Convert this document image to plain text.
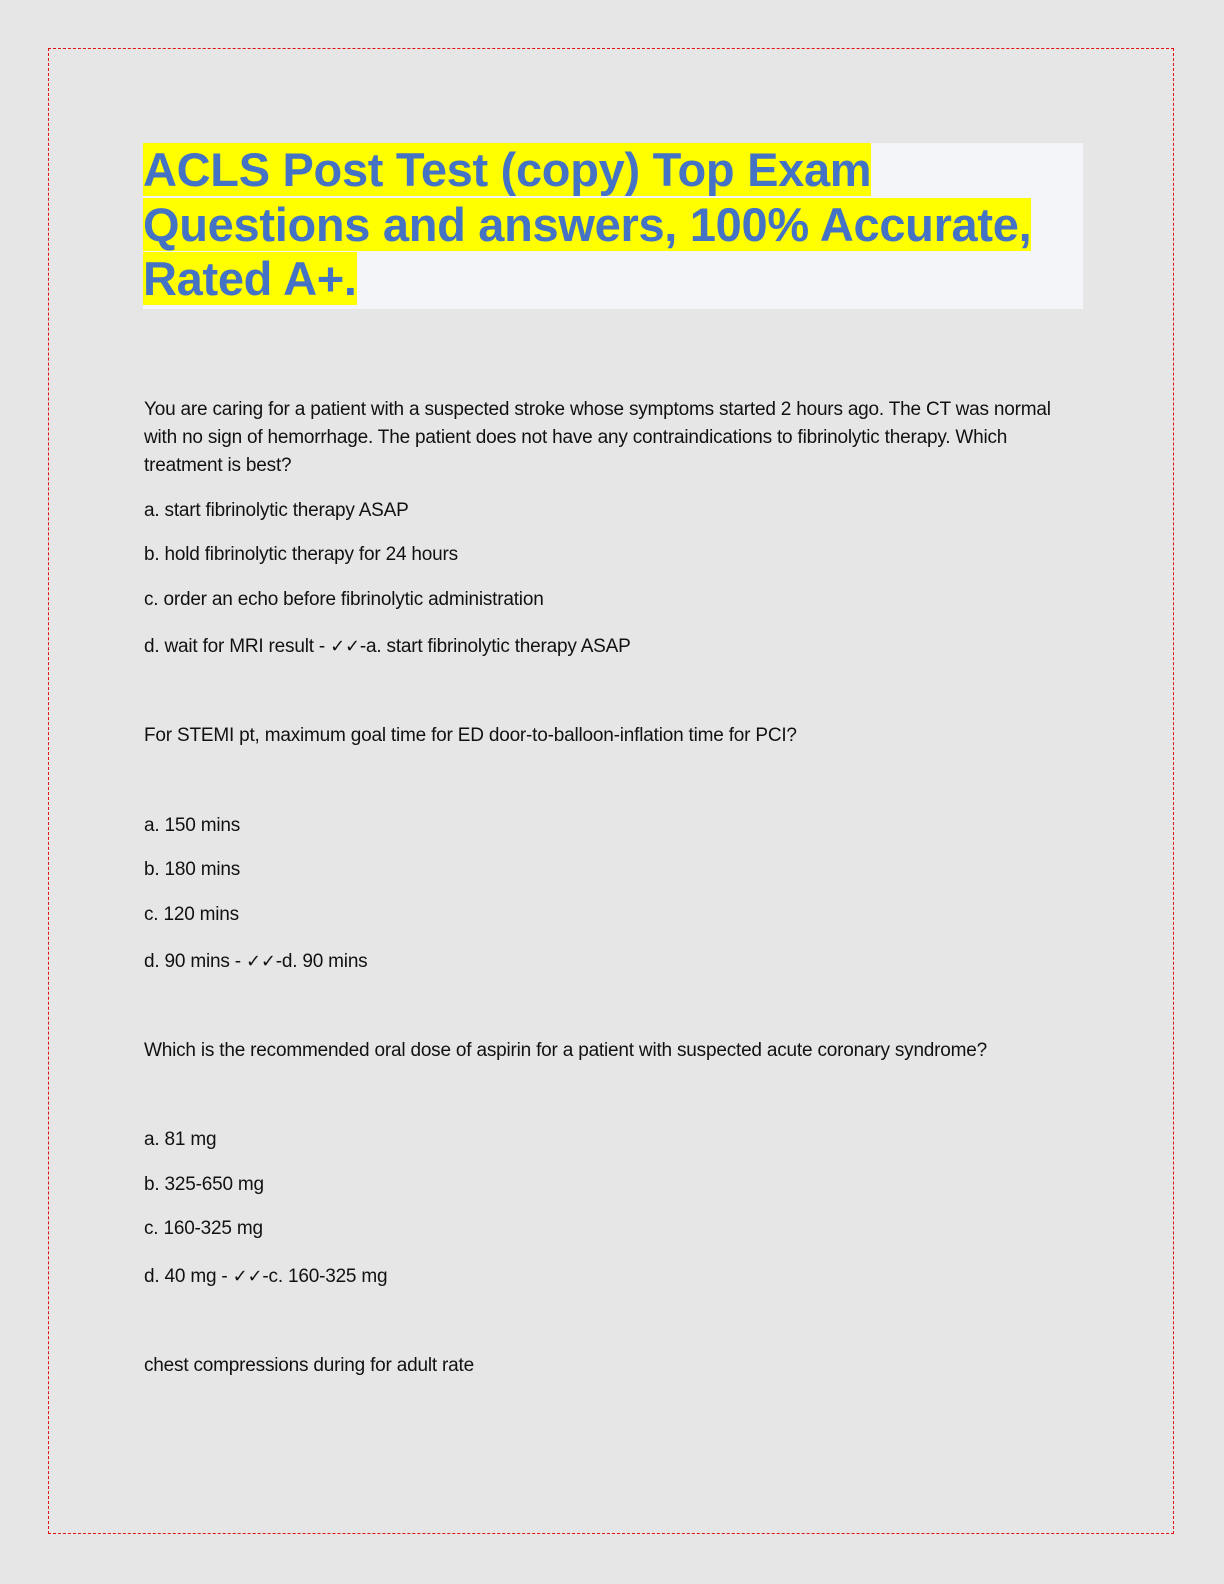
ACLS Post Test (copy) Top Exam
Questions and answers, 100% Accurate,
Rated A+.

You are caring for a patient with a suspected stroke whose symptoms started 2 hours ago. The CT was normal with no sign of hemorrhage. The patient does not have any contraindications to fibrinolytic therapy. Which treatment is best?

a. start fibrinolytic therapy ASAP

b. hold fibrinolytic therapy for 24 hours

c. order an echo before fibrinolytic administration

d. wait for MRI result - ✓✓-a. start fibrinolytic therapy ASAP

For STEMI pt, maximum goal time for ED door-to-balloon-inflation time for PCI?

a. 150 mins

b. 180 mins

c. 120 mins

d. 90 mins - ✓✓-d. 90 mins

Which is the recommended oral dose of aspirin for a patient with suspected acute coronary syndrome?

a. 81 mg

b. 325-650 mg

c. 160-325 mg

d. 40 mg - ✓✓-c. 160-325 mg

chest compressions during for adult rate
